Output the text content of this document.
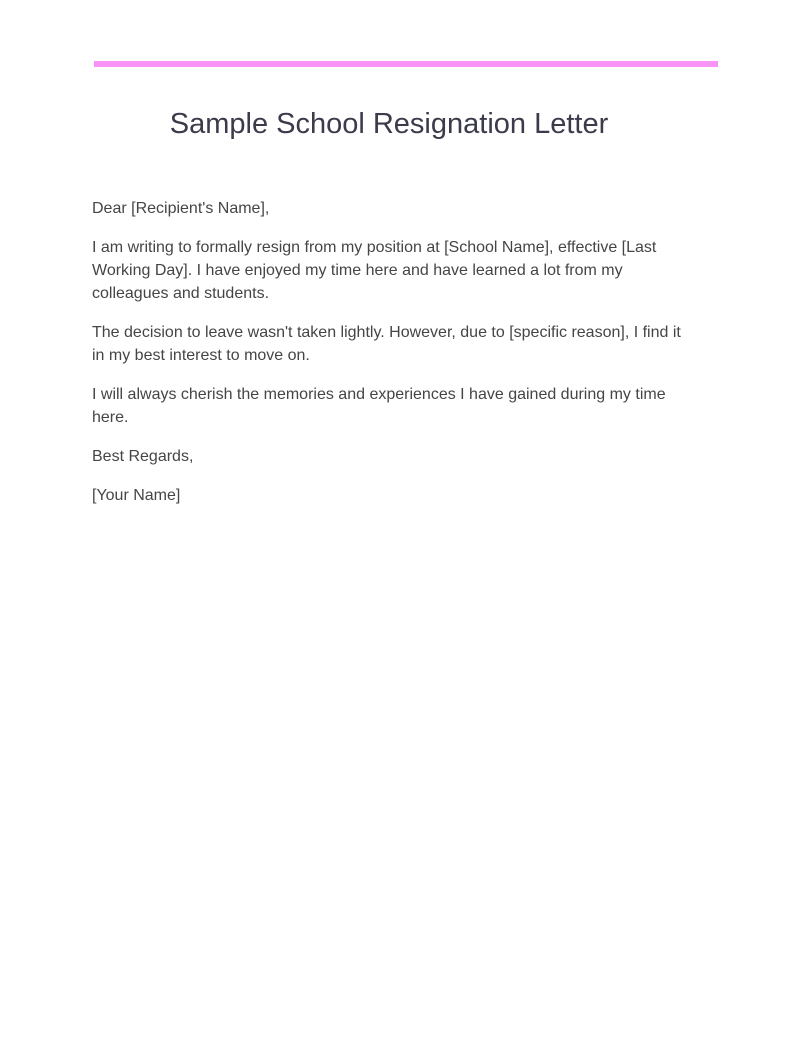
Sample School Resignation Letter

Dear [Recipient's Name],

I am writing to formally resign from my position at [School Name], effective [Last Working Day]. I have enjoyed my time here and have learned a lot from my colleagues and students.

The decision to leave wasn't taken lightly. However, due to [specific reason], I find it in my best interest to move on.

I will always cherish the memories and experiences I have gained during my time here.

Best Regards,

[Your Name]
